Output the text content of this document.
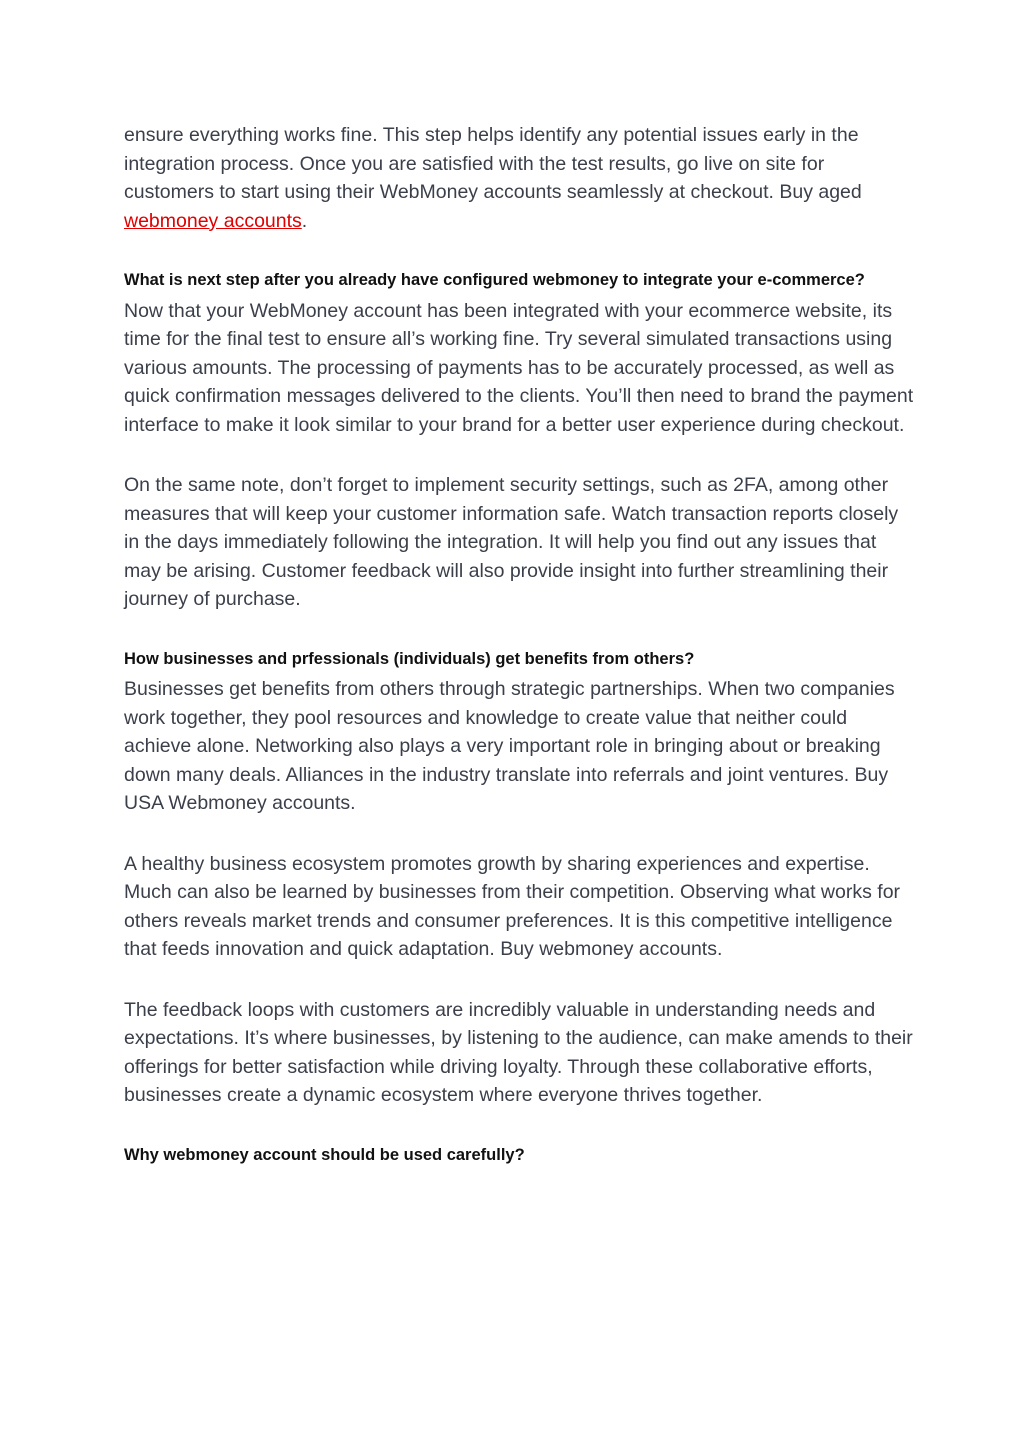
ensure everything works fine. This step helps identify any potential issues early in the integration process. Once you are satisfied with the test results, go live on site for customers to start using their WebMoney accounts seamlessly at checkout. Buy aged webmoney accounts.

What is next step after you already have configured webmoney to integrate your e-commerce?

Now that your WebMoney account has been integrated with your ecommerce website, its time for the final test to ensure all’s working fine. Try several simulated transactions using various amounts. The processing of payments has to be accurately processed, as well as quick confirmation messages delivered to the clients. You’ll then need to brand the payment interface to make it look similar to your brand for a better user experience during checkout.

On the same note, don’t forget to implement security settings, such as 2FA, among other measures that will keep your customer information safe. Watch transaction reports closely in the days immediately following the integration. It will help you find out any issues that may be arising. Customer feedback will also provide insight into further streamlining their journey of purchase.

How businesses and prfessionals (individuals) get benefits from others?

Businesses get benefits from others through strategic partnerships. When two companies work together, they pool resources and knowledge to create value that neither could achieve alone. Networking also plays a very important role in bringing about or breaking down many deals. Alliances in the industry translate into referrals and joint ventures. Buy USA Webmoney accounts.

A healthy business ecosystem promotes growth by sharing experiences and expertise. Much can also be learned by businesses from their competition. Observing what works for others reveals market trends and consumer preferences. It is this competitive intelligence that feeds innovation and quick adaptation. Buy webmoney accounts.

The feedback loops with customers are incredibly valuable in understanding needs and expectations. It’s where businesses, by listening to the audience, can make amends to their offerings for better satisfaction while driving loyalty. Through these collaborative efforts, businesses create a dynamic ecosystem where everyone thrives together.

Why webmoney account should be used carefully?
